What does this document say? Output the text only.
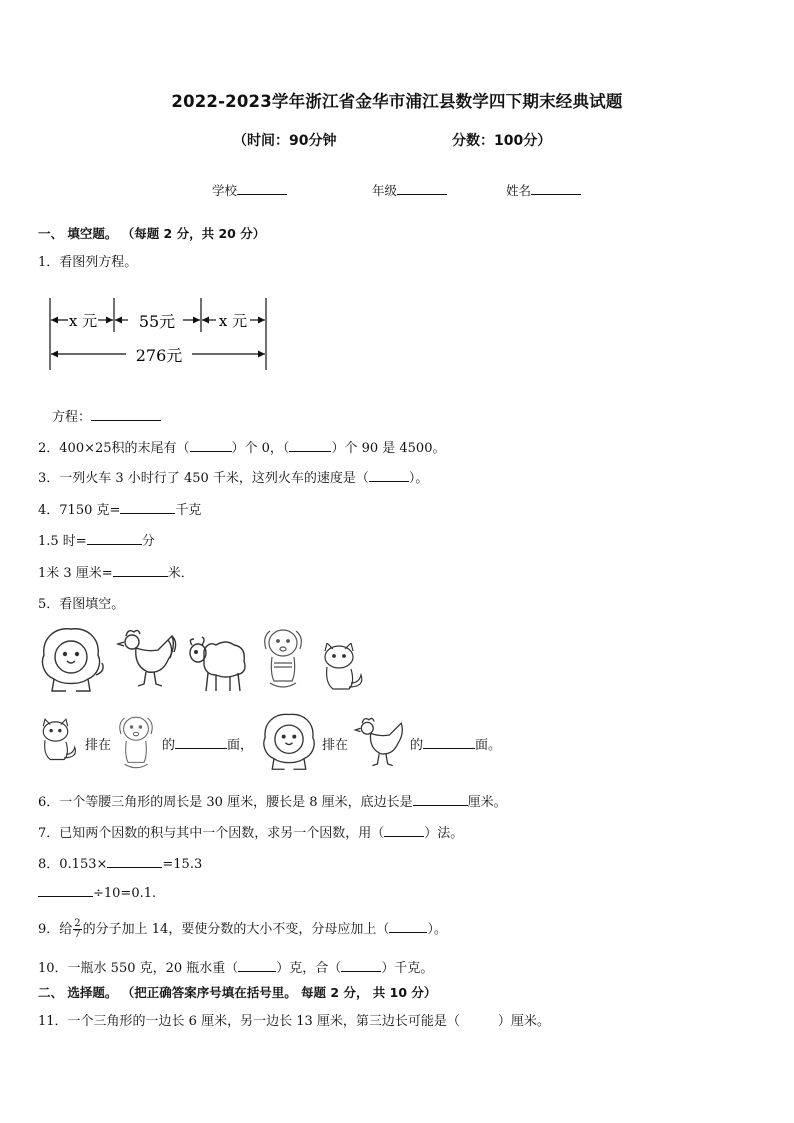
2022-2023学年浙江省金华市浦江县数学四下期末经典试题
（时间：90分钟	分数：100分）
学校	年级	姓名
一、 填空题。 （每题 2 分，共 20 分）
1．看图列方程。
x 元	55元	x 元
276元
方程：
2．400×25积的末尾有（	）个 0，（	）个 90 是 4500。
3．一列火车 3 小时行了 450 千米，这列火车的速度是（	）。
4．7150 克=	千克
1.5 时=	分
1米 3 厘米=	米．
5．看图填空。
排在	的	面，	排在	的	面。
6．一个等腰三角形的周长是 30 厘米，腰长是 8 厘米，底边长是	厘米。
7．已知两个因数的积与其中一个因数，求另一个因数，用（	）法。
8．0.153×	=15.3
÷10=0.1.
9．给 $\frac{2}{7}$ 的分子加上 14，要使分数的大小不变，分母应加上（	）。
10．一瓶水 550 克，20 瓶水重（	）克，合（	）千克。
二、 选择题。 （把正确答案序号填在括号里。 每题 2 分， 共 10 分）
11．一个三角形的一边长 6 厘米，另一边长 13 厘米，第三边长可能是（	）厘米。
